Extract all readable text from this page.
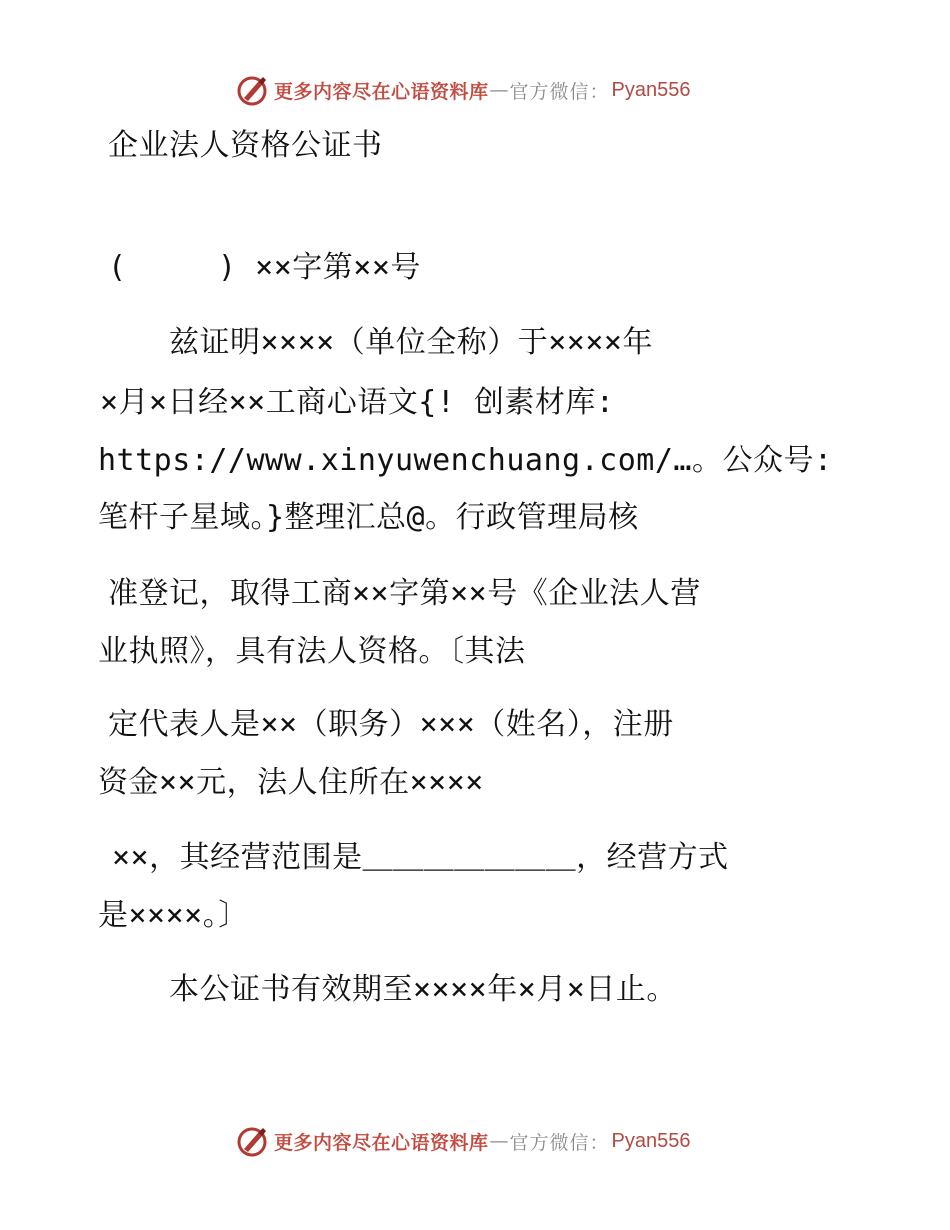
更多内容尽在心语资料库 — 官方微信： Pyan556
企业法人资格公证书
(　　　) ××字第××号
　　兹证明××××（单位全称）于××××年
×月×日经××工商心语文{! 创素材库:
https://www.xinyuwenchuang.com/…。公众号:
笔杆子星域。}整理汇总@。行政管理局核
准登记，取得工商××字第××号《企业法人营
业执照》，具有法人资格。〔其法
定代表人是××（职务）×××（姓名），注册
资金××元，法人住所在××××
××，其经营范围是＿＿＿＿＿＿＿，经营方式
是××××。〕
　　本公证书有效期至××××年×月×日止。
更多内容尽在心语资料库 — 官方微信： Pyan556
